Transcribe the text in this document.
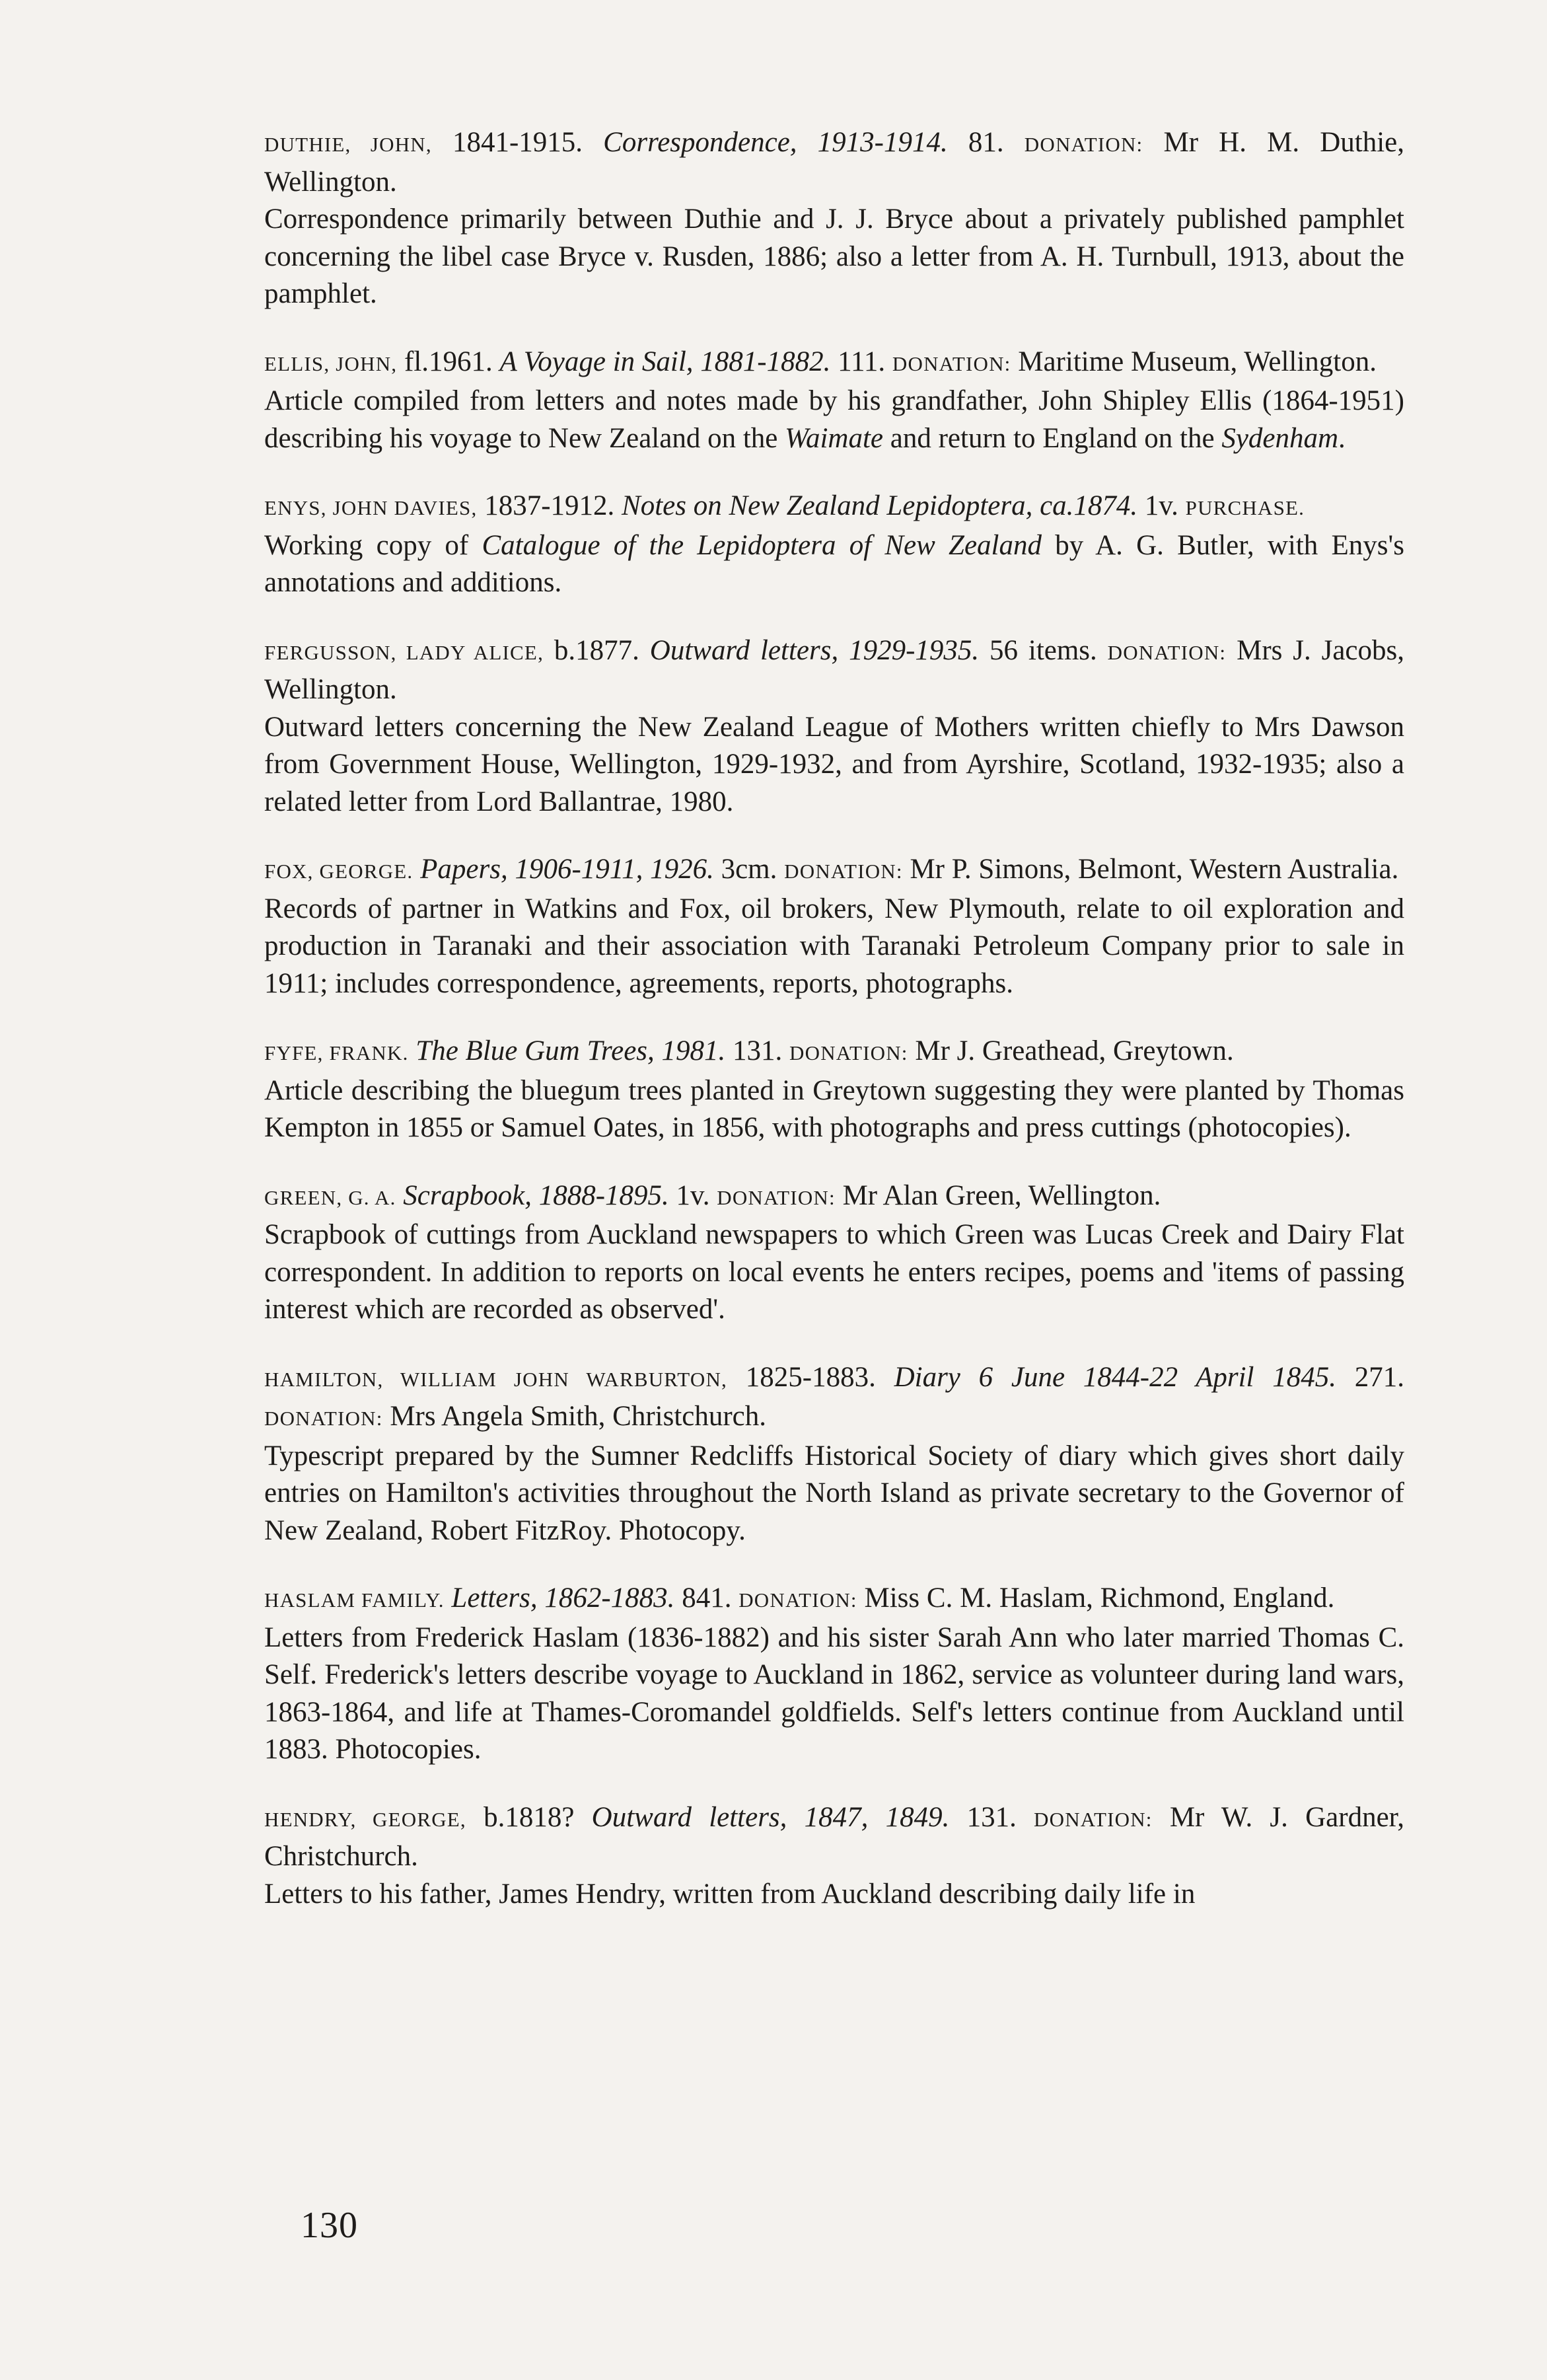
DUTHIE, JOHN, 1841-1915. Correspondence, 1913-1914. 81. DONATION: Mr H. M. Duthie, Wellington.

Correspondence primarily between Duthie and J. J. Bryce about a privately published pamphlet concerning the libel case Bryce v. Rusden, 1886; also a letter from A. H. Turnbull, 1913, about the pamphlet.

ELLIS, JOHN, fl.1961. A Voyage in Sail, 1881-1882. 111. DONATION: Maritime Museum, Wellington.

Article compiled from letters and notes made by his grandfather, John Shipley Ellis (1864-1951) describing his voyage to New Zealand on the Waimate and return to England on the Sydenham.

ENYS, JOHN DAVIES, 1837-1912. Notes on New Zealand Lepidoptera, ca.1874. 1v. PURCHASE.

Working copy of Catalogue of the Lepidoptera of New Zealand by A. G. Butler, with Enys's annotations and additions.

FERGUSSON, LADY ALICE, b.1877. Outward letters, 1929-1935. 56 items. DONATION: Mrs J. Jacobs, Wellington.

Outward letters concerning the New Zealand League of Mothers written chiefly to Mrs Dawson from Government House, Wellington, 1929-1932, and from Ayrshire, Scotland, 1932-1935; also a related letter from Lord Ballantrae, 1980.

FOX, GEORGE. Papers, 1906-1911, 1926. 3cm. DONATION: Mr P. Simons, Belmont, Western Australia.

Records of partner in Watkins and Fox, oil brokers, New Plymouth, relate to oil exploration and production in Taranaki and their association with Taranaki Petroleum Company prior to sale in 1911; includes correspondence, agreements, reports, photographs.

FYFE, FRANK. The Blue Gum Trees, 1981. 131. DONATION: Mr J. Greathead, Greytown.

Article describing the bluegum trees planted in Greytown suggesting they were planted by Thomas Kempton in 1855 or Samuel Oates, in 1856, with photographs and press cuttings (photocopies).

GREEN, G. A. Scrapbook, 1888-1895. 1v. DONATION: Mr Alan Green, Wellington.

Scrapbook of cuttings from Auckland newspapers to which Green was Lucas Creek and Dairy Flat correspondent. In addition to reports on local events he enters recipes, poems and 'items of passing interest which are recorded as observed'.

HAMILTON, WILLIAM JOHN WARBURTON, 1825-1883. Diary 6 June 1844-22 April 1845. 271. DONATION: Mrs Angela Smith, Christchurch.

Typescript prepared by the Sumner Redcliffs Historical Society of diary which gives short daily entries on Hamilton's activities throughout the North Island as private secretary to the Governor of New Zealand, Robert FitzRoy. Photocopy.

HASLAM FAMILY. Letters, 1862-1883. 841. DONATION: Miss C. M. Haslam, Richmond, England.

Letters from Frederick Haslam (1836-1882) and his sister Sarah Ann who later married Thomas C. Self. Frederick's letters describe voyage to Auckland in 1862, service as volunteer during land wars, 1863-1864, and life at Thames-Coromandel goldfields. Self's letters continue from Auckland until 1883. Photocopies.

HENDRY, GEORGE, b.1818? Outward letters, 1847, 1849. 131. DONATION: Mr W. J. Gardner, Christchurch.

Letters to his father, James Hendry, written from Auckland describing daily life in

130
